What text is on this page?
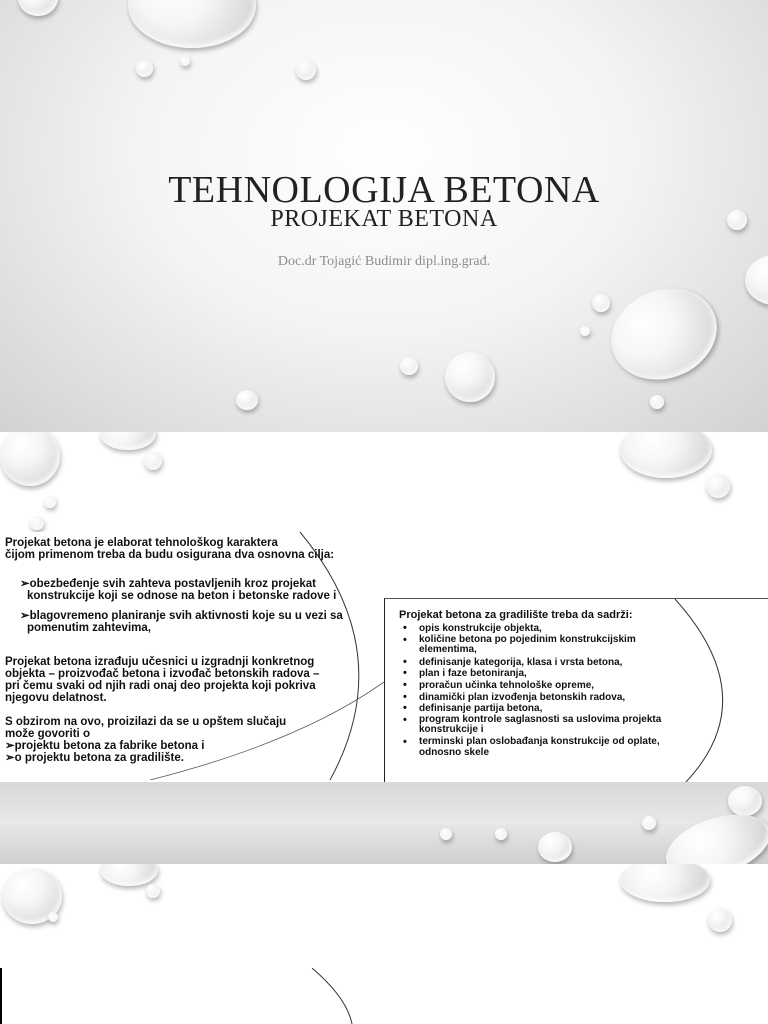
TEHNOLOGIJA BETONA
PROJEKAT BETONA
Doc.dr Tojagić Budimir dipl.ing.građ.

Projekat betona je elaborat tehnološkog karaktera

čijom primenom treba da budu osigurana dva osnovna cilja:

➢obezbeđenje svih zahteva postavljenih kroz projekat

konstrukcije koji se odnose na beton i betonske radove i

➢blagovremeno planiranje svih aktivnosti koje su u vezi sa

pomenutim zahtevima,

Projekat betona izrađuju učesnici u izgradnji konkretnog

objekta – proizvođač betona i izvođač betonskih radova –

pri čemu svaki od njih radi onaj deo projekta koji pokriva

njegovu delatnost.

S obzirom na ovo, proizilazi da se u opštem slučaju

može govoriti o

➢projektu betona za fabrike betona i

➢o projektu betona za gradilište.

Projekat betona za gradilište treba da sadrži:
• opis konstrukcije objekta,
• količine betona po pojedinim konstrukcijskim
elementima,
• definisanje kategorija, klasa i vrsta betona,
• plan i faze betoniranja,
• proračun učinka tehnološke opreme,
• dinamički plan izvođenja betonskih radova,
• definisanje partija betona,
• program kontrole saglasnosti sa uslovima projekta
konstrukcije i
• terminski plan oslobađanja konstrukcije od oplate,
odnosno skele
